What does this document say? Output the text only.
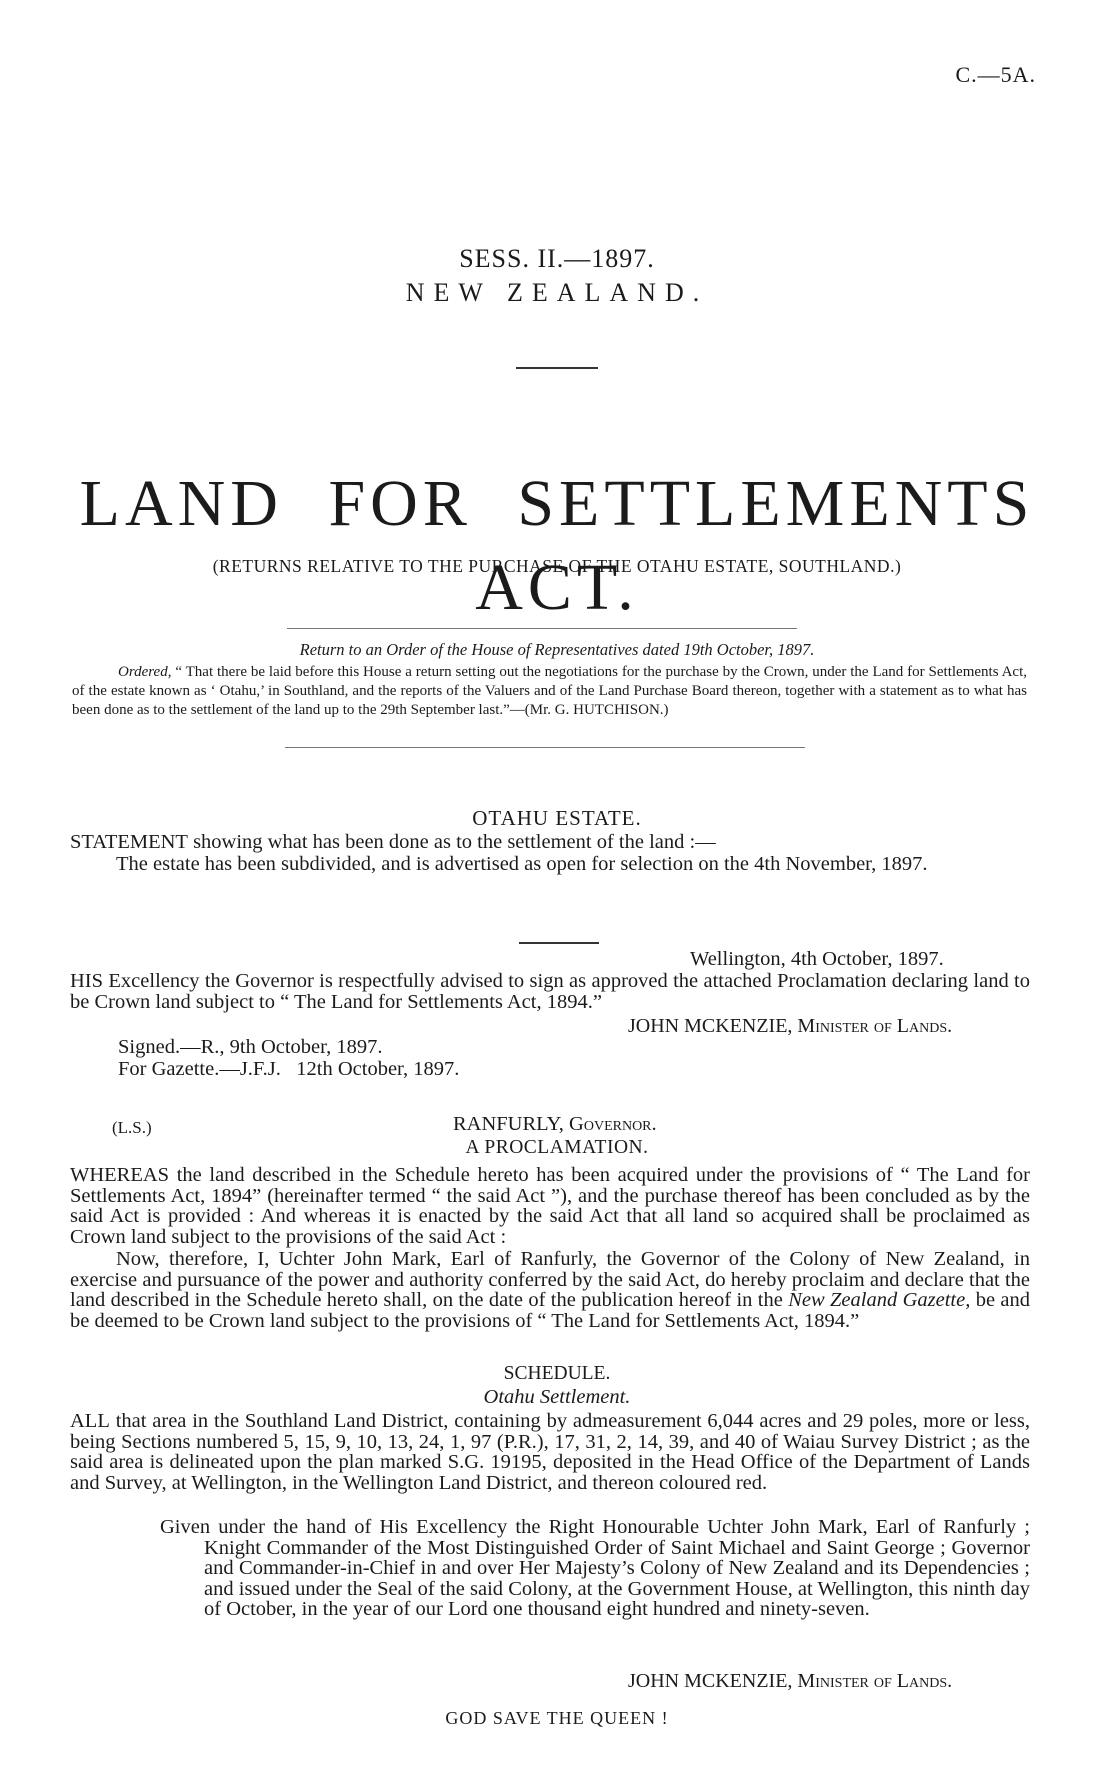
C.—5A.
SESS. II.—1897.
NEW ZEALAND.
LAND FOR SETTLEMENTS ACT.
(RETURNS RELATIVE TO THE PURCHASE OF THE OTAHU ESTATE, SOUTHLAND.)
Return to an Order of the House of Representatives dated 19th October, 1897.

Ordered, “ That there be laid before this House a return setting out the negotiations for the purchase by the Crown, under the Land for Settlements Act, of the estate known as ‘ Otahu,’ in Southland, and the reports of the Valuers and of the Land Purchase Board thereon, together with a statement as to what has been done as to the settlement of the land up to the 29th September last.”—(Mr. G. HUTCHISON.)

OTAHU ESTATE.

STATEMENT showing what has been done as to the settlement of the land :—

The estate has been subdivided, and is advertised as open for selection on the 4th November, 1897.

Wellington, 4th October, 1897.

HIS Excellency the Governor is respectfully advised to sign as approved the attached Proclamation declaring land to be Crown land subject to “ The Land for Settlements Act, 1894.”

JOHN MCKENZIE, Minister of Lands.
Signed.—R., 9th October, 1897.
For Gazette.—J.F.J.   12th October, 1897.
(L.S.)	RANFURLY, Governor.
A PROCLAMATION.

WHEREAS the land described in the Schedule hereto has been acquired under the provisions of “ The Land for Settlements Act, 1894” (hereinafter termed “ the said Act ”), and the purchase thereof has been concluded as by the said Act is provided : And whereas it is enacted by the said Act that all land so acquired shall be proclaimed as Crown land subject to the provisions of the said Act :

Now, therefore, I, Uchter John Mark, Earl of Ranfurly, the Governor of the Colony of New Zealand, in exercise and pursuance of the power and authority conferred by the said Act, do hereby proclaim and declare that the land described in the Schedule hereto shall, on the date of the publication hereof in the New Zealand Gazette, be and be deemed to be Crown land subject to the provisions of “ The Land for Settlements Act, 1894.”

SCHEDULE.
Otahu Settlement.

ALL that area in the Southland Land District, containing by admeasurement 6,044 acres and 29 poles, more or less, being Sections numbered 5, 15, 9, 10, 13, 24, 1, 97 (P.R.), 17, 31, 2, 14, 39, and 40 of Waiau Survey District ; as the said area is delineated upon the plan marked S.G. 19195, deposited in the Head Office of the Department of Lands and Survey, at Wellington, in the Wellington Land District, and thereon coloured red.

Given under the hand of His Excellency the Right Honourable Uchter John Mark, Earl of Ranfurly ; Knight Commander of the Most Distinguished Order of Saint Michael and Saint George ; Governor and Commander-in-Chief in and over Her Majesty’s Colony of New Zealand and its Dependencies ; and issued under the Seal of the said Colony, at the Government House, at Wellington, this ninth day of October, in the year of our Lord one thousand eight hundred and ninety-seven.

JOHN MCKENZIE, Minister of Lands.
GOD SAVE THE QUEEN !
